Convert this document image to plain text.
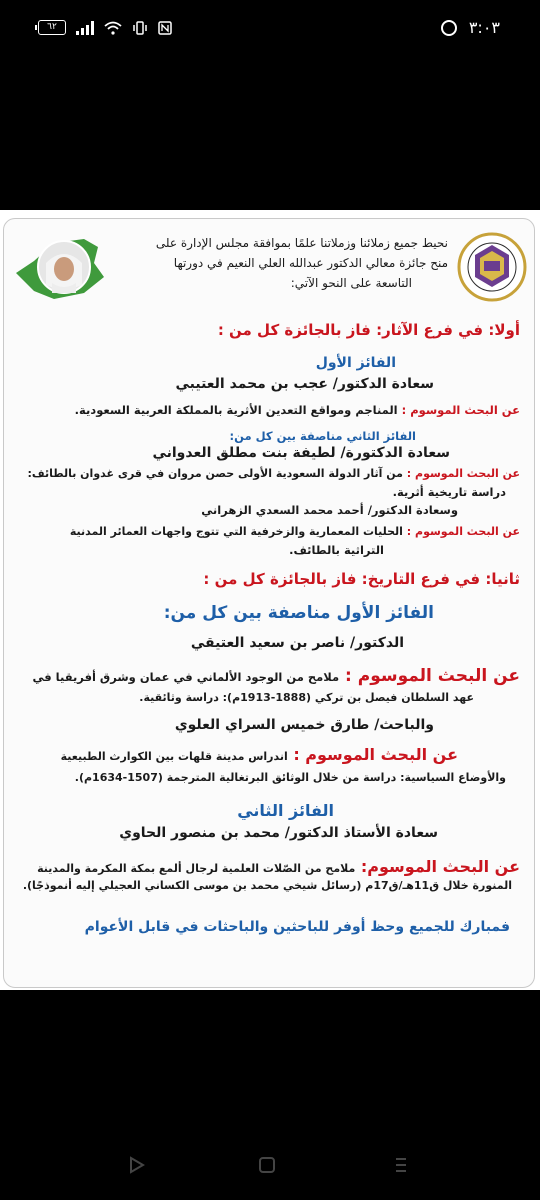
٦٢	٣:٠٣
نحيط جميع زملائنا وزملاتنا علمًا بموافقة مجلس الإدارة على
منح جائزة معالي الدكتور عبدالله العلي النعيم في دورتها
التاسعة على النحو الآتي:
أولا: في فرع الآثار: فاز بالجائزة كل من :
الفائز الأول
سعادة الدكتور/ عجب بن محمد العتيبي
عن البحث الموسوم : المناجم ومواقع التعدين الأثرية بالمملكة العربية السعودية.
الفائز الثاني مناصفة بين كل من:
سعادة الدكتورة/ لطيفة بنت مطلق العدواني
عن البحث الموسوم : من آثار الدولة السعودية الأولى حصن مروان في قرى غدوان بالطائف:
دراسة تاريخية أثرية.
وسعادة الدكتور/ أحمد محمد السعدي الزهراني
عن البحث الموسوم : الحليات المعمارية والزخرفية التي تتوج واجهات العمائر المدنية
التراثية بالطائف.
ثانيا: في فرع التاريخ: فاز بالجائزة كل من :
الفائز الأول مناصفة بين كل من:
الدكتور/ ناصر بن سعيد العتيقي
عن البحث الموسوم : ملامح من الوجود الألماني في عمان وشرق أفريقيا في
عهد السلطان فيصل بن تركي (1888-1913م): دراسة وثائقية.
والباحث/ طارق خميس السراي العلوي
عن البحث الموسوم : اندراس مدينة قلهات بين الكوارث الطبيعية
والأوضاع السياسية: دراسة من خلال الوثائق البرتغالية المترجمة (1507-1634م).
الفائز الثاني
سعادة الأستاذ الدكتور/ محمد بن منصور الحاوي
عن البحث الموسوم: ملامح من الصّلات العلمية لرجال ألمع بمكة المكرمة والمدينة
المنورة خلال ق11هـ/ق17م (رسائل شيخي محمد بن موسى الكساني العجيلي إليه أنموذجًا).
فمبارك للجميع وحظ أوفر للباحثين والباحثات في قابل الأعوام
